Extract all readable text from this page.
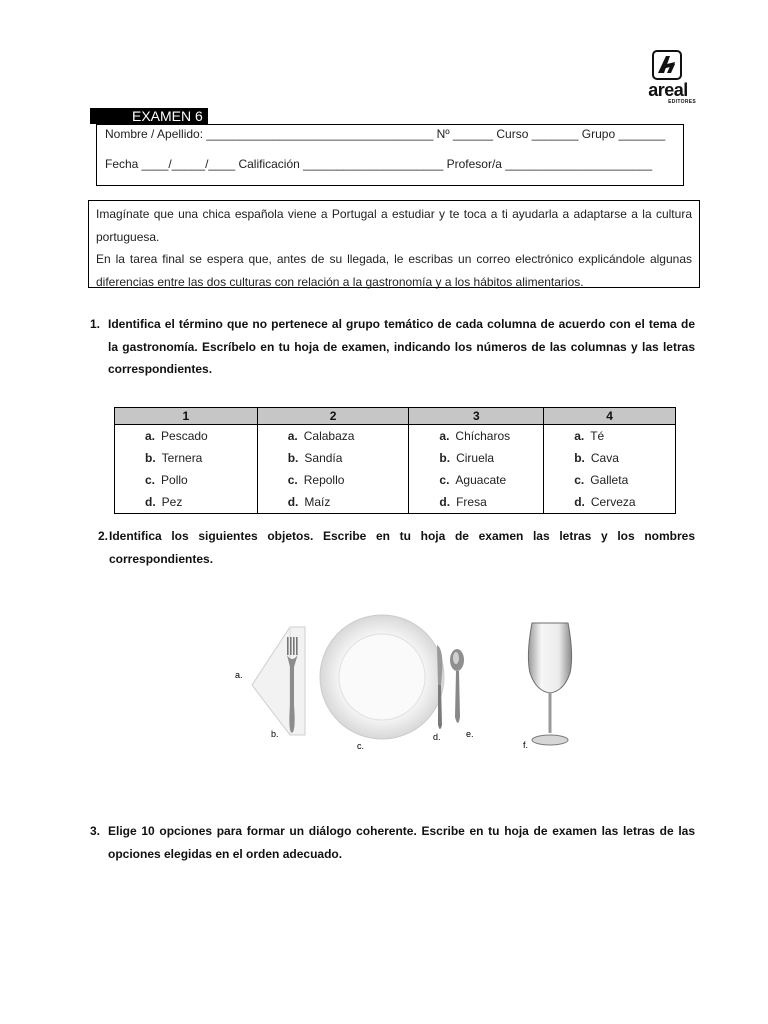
areal
EDITORES
EXAMEN 6
Nombre / Apellido: __________________________________ Nº ______ Curso _______ Grupo _______
Fecha ____/_____/____ Calificación _____________________ Profesor/a ______________________

Imagínate que una chica española viene a Portugal a estudiar y te toca a ti ayudarla a adaptarse a la cultura portuguesa.

En la tarea final se espera que, antes de su llegada, le escribas un correo electrónico explicándole algunas diferencias entre las dos culturas con relación a la gastronomía y a los hábitos alimentarios.

1. Identifica el término que no pertenece al grupo temático de cada columna de acuerdo con el tema de la gastronomía. Escríbelo en tu hoja de examen, indicando los números de las columnas y las letras correspondientes.
1	2	3	4
a. Pescado	a. Calabaza	a. Chícharos	a. Té
b. Ternera	b. Sandía	b. Ciruela	b. Cava
c. Pollo	c. Repollo	c. Aguacate	c. Galleta
d. Pez	d. Maíz	d. Fresa	d. Cerveza
2. Identifica los siguientes objetos. Escribe en tu hoja de examen las letras y los nombres correspondientes.
a.
b.
c.
d.	e.
f.
3. Elige 10 opciones para formar un diálogo coherente. Escribe en tu hoja de examen las letras de las opciones elegidas en el orden adecuado.
